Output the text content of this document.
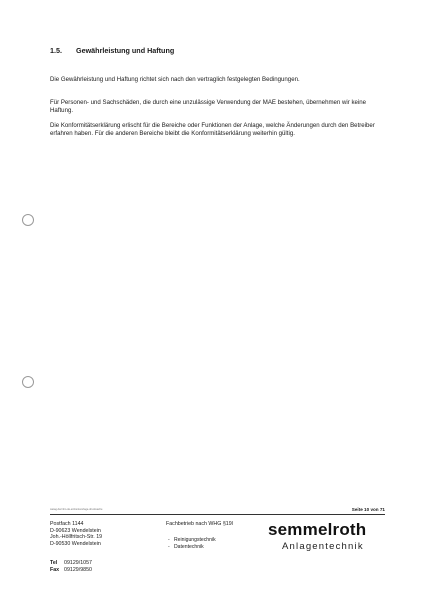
1.5. Gewährleistung und Haftung
Die Gewährleistung und Haftung richtet sich nach den vertraglich festgelegten Bedingungen.
Für Personen- und Sachschäden, die durch eine unzulässige Verwendung der MAE bestehen, übernehmen wir keine Haftung.
Die Konformitätserklärung erlischt für die Bereiche oder Funktionen der Anlage, welche Änderungen durch den Betreiber erfahren haben. Für die anderen Bereiche bleibt die Konformitätserklärung weiterhin gültig.
wetag.de/mfm-de-einheitsvorlage-drucksache	Seite 10 von 71
Postfach 1144
D-90623 Wendelstein
Joh.-Höllfritsch-Str. 19
D-90530 Wendelstein
Tel 09129/1057
Fax 09129/9850
Fachbetrieb nach WHG §19l
- Reinigungstechnik
- Datentechnik
semmelroth
Anlagentechnik
